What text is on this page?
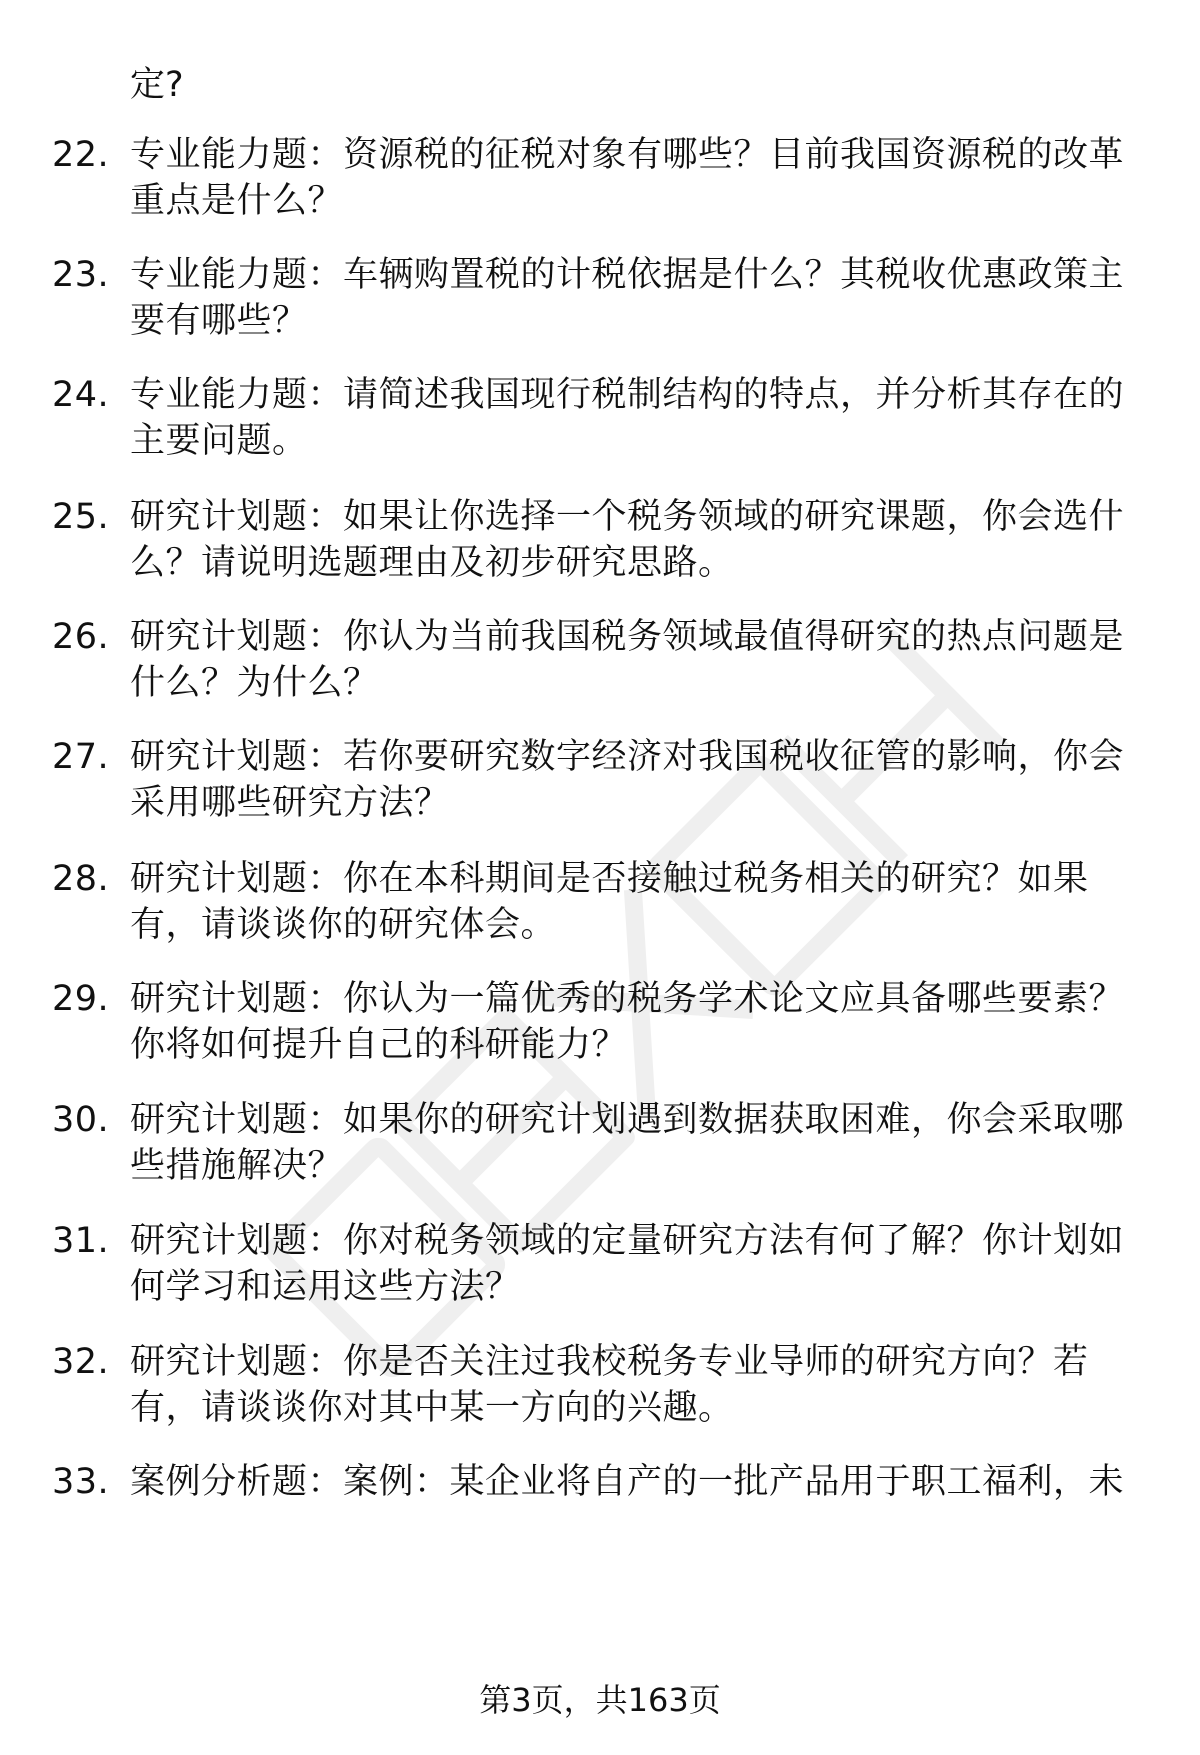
定?
22. 专业能力题：资源税的征税对象有哪些？目前我国资源税的改革
重点是什么？
23. 专业能力题：车辆购置税的计税依据是什么？其税收优惠政策主
要有哪些？
24. 专业能力题：请简述我国现行税制结构的特点，并分析其存在的
主要问题。
25. 研究计划题：如果让你选择一个税务领域的研究课题，你会选什
么？请说明选题理由及初步研究思路。
26. 研究计划题：你认为当前我国税务领域最值得研究的热点问题是
什么？为什么？
27. 研究计划题：若你要研究数字经济对我国税收征管的影响，你会
采用哪些研究方法？
28. 研究计划题：你在本科期间是否接触过税务相关的研究？如果
有，请谈谈你的研究体会。
29. 研究计划题：你认为一篇优秀的税务学术论文应具备哪些要素？
你将如何提升自己的科研能力？
30. 研究计划题：如果你的研究计划遇到数据获取困难，你会采取哪
些措施解决？
31. 研究计划题：你对税务领域的定量研究方法有何了解？你计划如
何学习和运用这些方法？
32. 研究计划题：你是否关注过我校税务专业导师的研究方向？若
有，请谈谈你对其中某一方向的兴趣。
33. 案例分析题：案例：某企业将自产的一批产品用于职工福利，未
第3页，共163页
